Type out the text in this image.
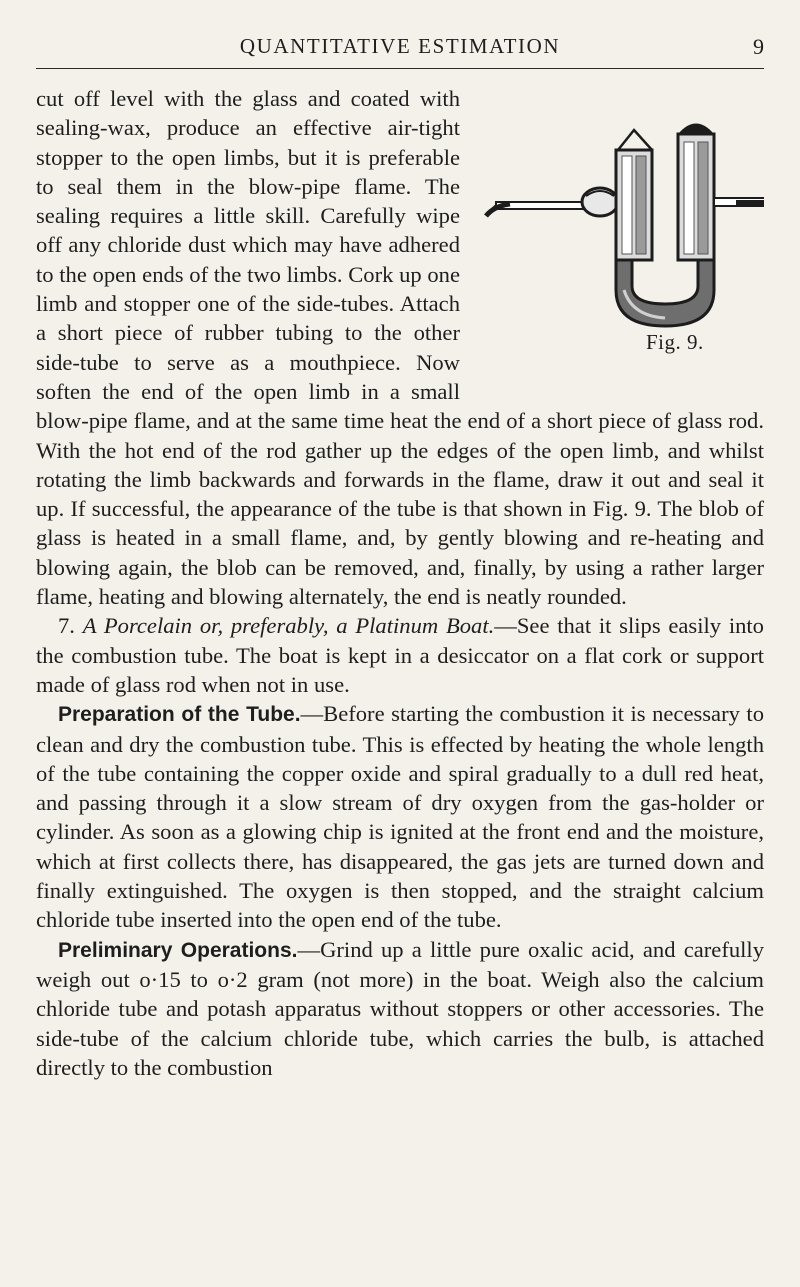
QUANTITATIVE ESTIMATION	9
Fig. 9.

cut off level with the glass and coated with sealing-wax, produce an effective air-tight stopper to the open limbs, but it is preferable to seal them in the blow-pipe flame. The sealing requires a little skill. Carefully wipe off any chloride dust which may have adhered to the open ends of the two limbs. Cork up one limb and stopper one of the side-tubes. Attach a short piece of rubber tubing to the other side-tube to serve as a mouthpiece. Now soften the end of the open limb in a small blow-pipe flame, and at the same time heat the end of a short piece of glass rod. With the hot end of the rod gather up the edges of the open limb, and whilst rotating the limb backwards and forwards in the flame, draw it out and seal it up. If successful, the appearance of the tube is that shown in Fig. 9. The blob of glass is heated in a small flame, and, by gently blowing and re-heating and blowing again, the blob can be removed, and, finally, by using a rather larger flame, heating and blowing alternately, the end is neatly rounded.

7. A Porcelain or, preferably, a Platinum Boat.—See that it slips easily into the combustion tube. The boat is kept in a desiccator on a flat cork or support made of glass rod when not in use.

Preparation of the Tube.—Before starting the combustion it is necessary to clean and dry the combustion tube. This is effected by heating the whole length of the tube containing the copper oxide and spiral gradually to a dull red heat, and passing through it a slow stream of dry oxygen from the gas-holder or cylinder. As soon as a glowing chip is ignited at the front end and the moisture, which at first collects there, has disappeared, the gas jets are turned down and finally extinguished. The oxygen is then stopped, and the straight calcium chloride tube inserted into the open end of the tube.

Preliminary Operations.—Grind up a little pure oxalic acid, and carefully weigh out o·15 to o·2 gram (not more) in the boat. Weigh also the calcium chloride tube and potash apparatus without stoppers or other accessories. The side-tube of the calcium chloride tube, which carries the bulb, is attached directly to the combustion
